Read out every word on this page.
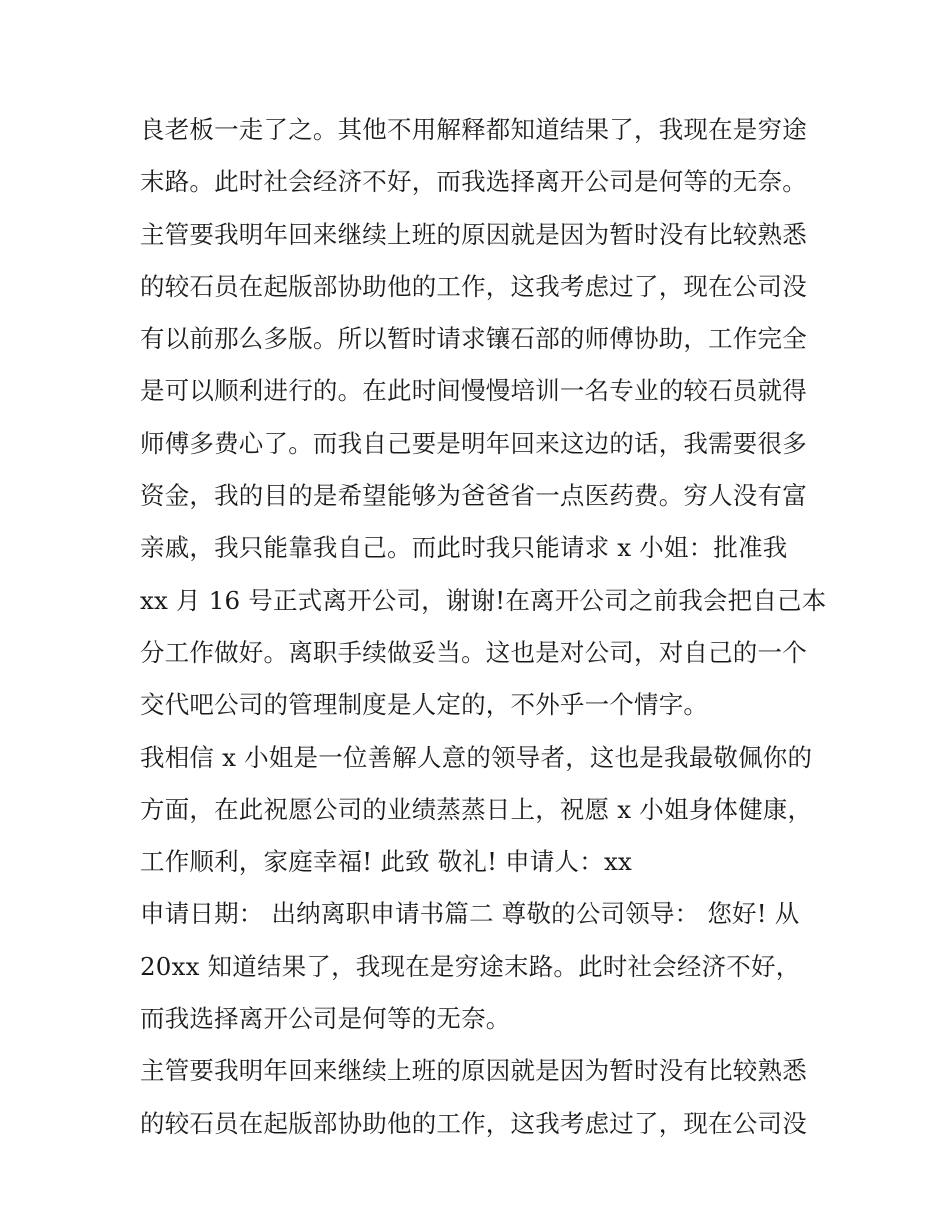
良老板一走了之。其他不用解释都知道结果了，我现在是穷途
末路。此时社会经济不好，而我选择离开公司是何等的无奈。
主管要我明年回来继续上班的原因就是因为暂时没有比较熟悉
的较石员在起版部协助他的工作，这我考虑过了，现在公司没
有以前那么多版。所以暂时请求镶石部的师傅协助，工作完全
是可以顺利进行的。在此时间慢慢培训一名专业的较石员就得
师傅多费心了。而我自己要是明年回来这边的话，我需要很多
资金，我的目的是希望能够为爸爸省一点医药费。穷人没有富
亲戚，我只能靠我自己。而此时我只能请求 x 小姐：批准我
xx 月 16 号正式离开公司，谢谢!在离开公司之前我会把自己本
分工作做好。离职手续做妥当。这也是对公司，对自己的一个
交代吧公司的管理制度是人定的，不外乎一个情字。
我相信 x 小姐是一位善解人意的领导者，这也是我最敬佩你的
方面，在此祝愿公司的业绩蒸蒸日上，祝愿 x 小姐身体健康，
工作顺利，家庭幸福! 此致 敬礼! 申请人：xx
申请日期： 出纳离职申请书篇二 尊敬的公司领导： 您好! 从
20xx 知道结果了，我现在是穷途末路。此时社会经济不好，
而我选择离开公司是何等的无奈。
主管要我明年回来继续上班的原因就是因为暂时没有比较熟悉
的较石员在起版部协助他的工作，这我考虑过了，现在公司没
